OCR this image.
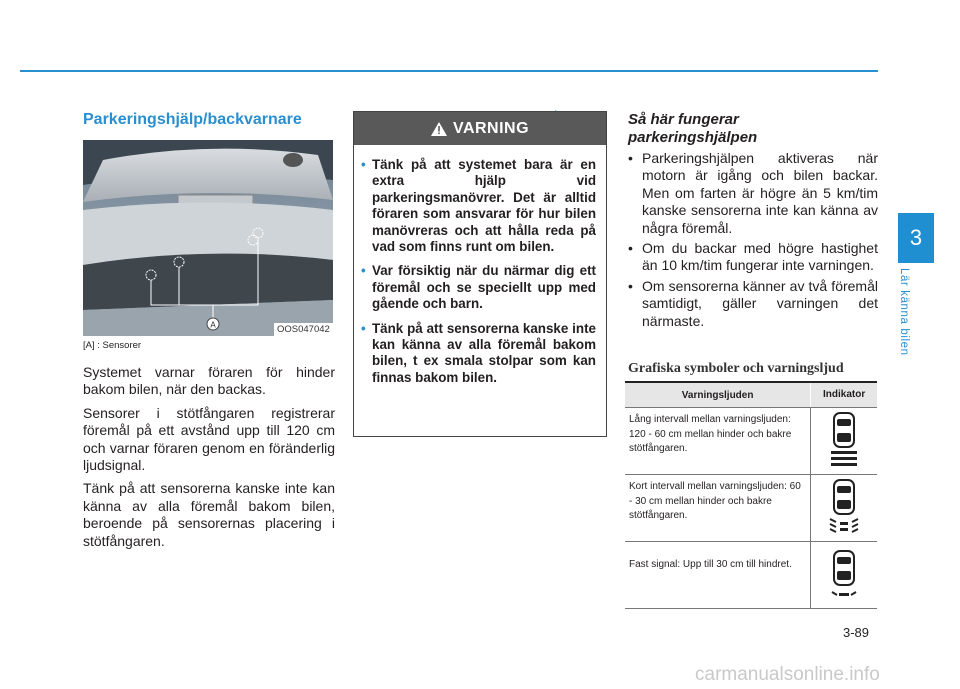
3
Lär känna bilen
carmanualsonline.info
3-89
Parkeringshjälp/backvarnare
A	OOS047042
[A] : Sensorer

Systemet varnar föraren för hinder bakom bilen, när den backas.

Sensorer i stötfångaren registrerar föremål på ett avstånd upp till 120 cm och varnar föraren genom en föränderlig ljudsignal.

Tänk på att sensorerna kanske inte kan känna av alla föremål bakom bilen, beroende på sensorernas placering i stötfångaren.

VARNING
• Tänk på att systemet bara är en extra hjälp vid parkeringsmanövrer. Det är alltid föraren som ansvarar för hur bilen manövreras och att hålla reda på vad som finns runt om bilen.
• Var försiktig när du närmar dig ett föremål och se speciellt upp med gående och barn.
• Tänk på att sensorerna kanske inte kan känna av alla föremål bakom bilen, t ex smala stolpar som kan finnas bakom bilen.
Så här fungerar
parkeringshjälpen
• Parkeringshjälpen aktiveras när motorn är igång och bilen backar. Men om farten är högre än 5 km/tim kanske sensorerna inte kan känna av några föremål.
• Om du backar med högre hastighet än 10 km/tim fungerar inte varningen.
• Om sensorerna känner av två föremål samtidigt, gäller varningen det närmaste.
Grafiska symboler och varningsljud
Varningsljuden	Indikator
Lång intervall mellan varningsljuden: 120 - 60 cm mellan hinder och bakre stötfångaren.
Kort intervall mellan varningsljuden: 60 - 30 cm mellan hinder och bakre stötfångaren.
Fast signal: Upp till 30 cm till hindret.
